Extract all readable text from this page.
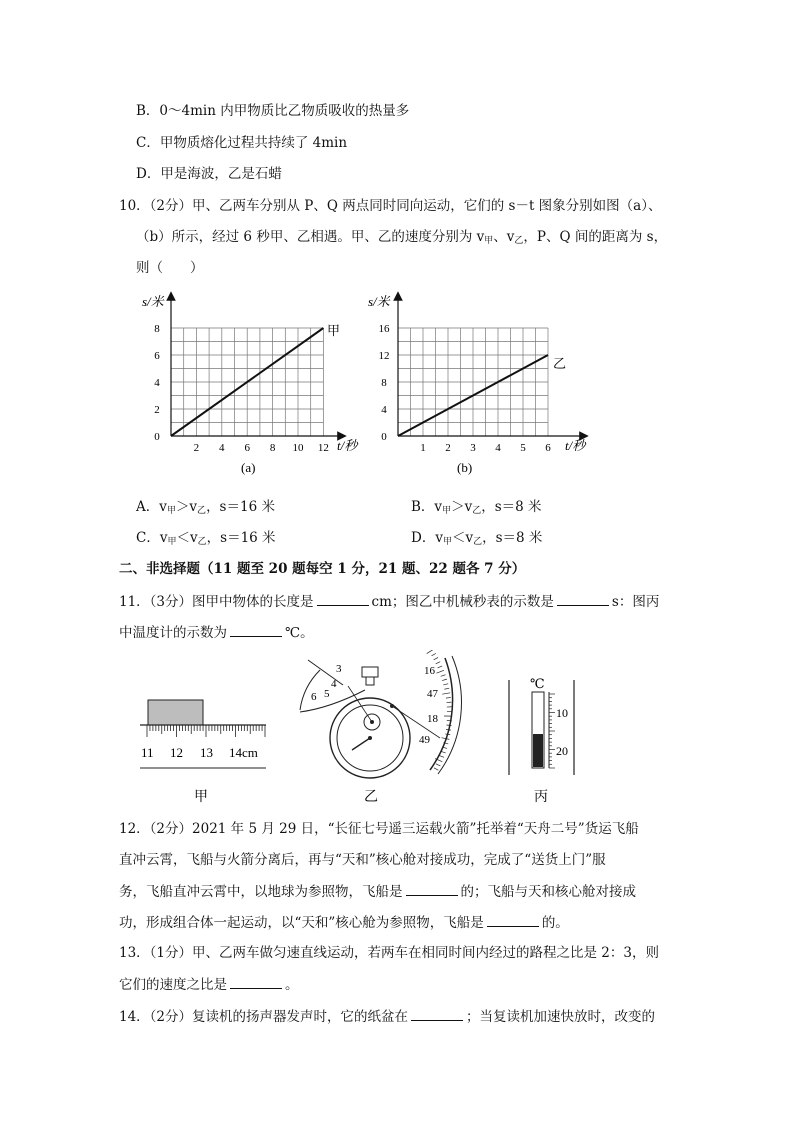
B．0～4min 内甲物质比乙物质吸收的热量多
C．甲物质熔化过程共持续了 4min
D．甲是海波，乙是石蜡
10．（2分）甲、乙两车分别从 P、Q 两点同时同向运动，它们的 s－t 图象分别如图（a）、
（b）所示，经过 6 秒甲、乙相遇。甲、乙的速度分别为 $v_甲$、$v_乙$，P、Q 间的距离为 s，
则（　　）
8
6
4
2
0
2 4 6 8 10 12
s/米
t/秒
甲
(a)
16
12
8
4
0
1 2 3 4 5 6
s/米
t/秒
乙
(b)
A．$v_甲>v_乙$，s＝16 米	B．$v_甲>v_乙$，s＝8 米
C．$v_甲<v_乙$，s＝16 米	D．$v_甲<v_乙$，s＝8 米
二、非选择题（11 题至 20 题每空 1 分，21 题、22 题各 7 分）
11．（3分）图甲中物体的长度是	cm；图乙中机械秒表的示数是	s：图丙
中温度计的示数为	℃。
11 12 13 14cm
甲
3
4
5
6
16
47
18
49
乙
℃
10
20
丙
12．（2分）2021 年 5 月 29 日，“长征七号遥三运载火箭”托举着“天舟二号”货运飞船
直冲云霄，飞船与火箭分离后，再与“天和”核心舱对接成功，完成了“送货上门”服
务，飞船直冲云霄中，以地球为参照物，飞船是	的；飞船与天和核心舱对接成
功，形成组合体一起运动，以“天和”核心舱为参照物，飞船是	的。
13．（1分）甲、乙两车做匀速直线运动，若两车在相同时间内经过的路程之比是 2：3，则
它们的速度之比是	。
14．（2分）复读机的扬声器发声时，它的纸盆在	；当复读机加速快放时，改变的
